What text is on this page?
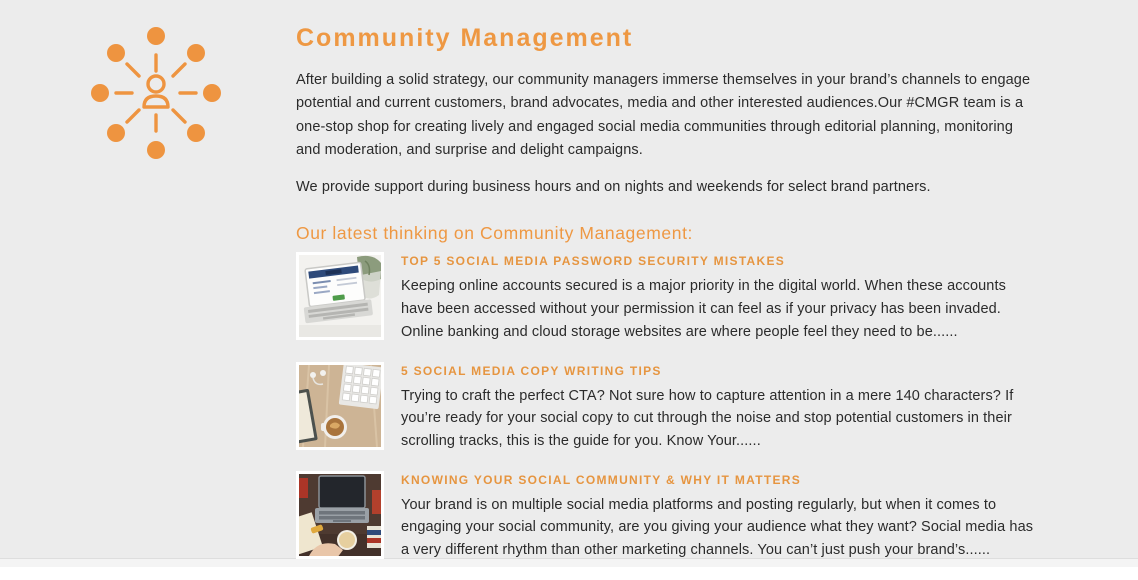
Community Management

After building a solid strategy, our community managers immerse themselves in your brand’s channels to engage potential and current customers, brand advocates, media and other interested audiences.Our #CMGR team is a one-stop shop for creating lively and engaged social media communities through editorial planning, monitoring and moderation, and surprise and delight campaigns.

We provide support during business hours and on nights and weekends for select brand partners.

Our latest thinking on Community Management:
TOP 5 SOCIAL MEDIA PASSWORD SECURITY MISTAKES

Keeping online accounts secured is a major priority in the digital world. When these accounts have been accessed without your permission it can feel as if your privacy has been invaded. Online banking and cloud storage websites are where people feel they need to be......

5 SOCIAL MEDIA COPY WRITING TIPS

Trying to craft the perfect CTA? Not sure how to capture attention in a mere 140 characters? If you’re ready for your social copy to cut through the noise and stop potential customers in their scrolling tracks, this is the guide for you. Know Your......

KNOWING YOUR SOCIAL COMMUNITY & WHY IT MATTERS

Your brand is on multiple social media platforms and posting regularly, but when it comes to engaging your social community, are you giving your audience what they want? Social media has a very different rhythm than other marketing channels. You can’t just push your brand’s......
